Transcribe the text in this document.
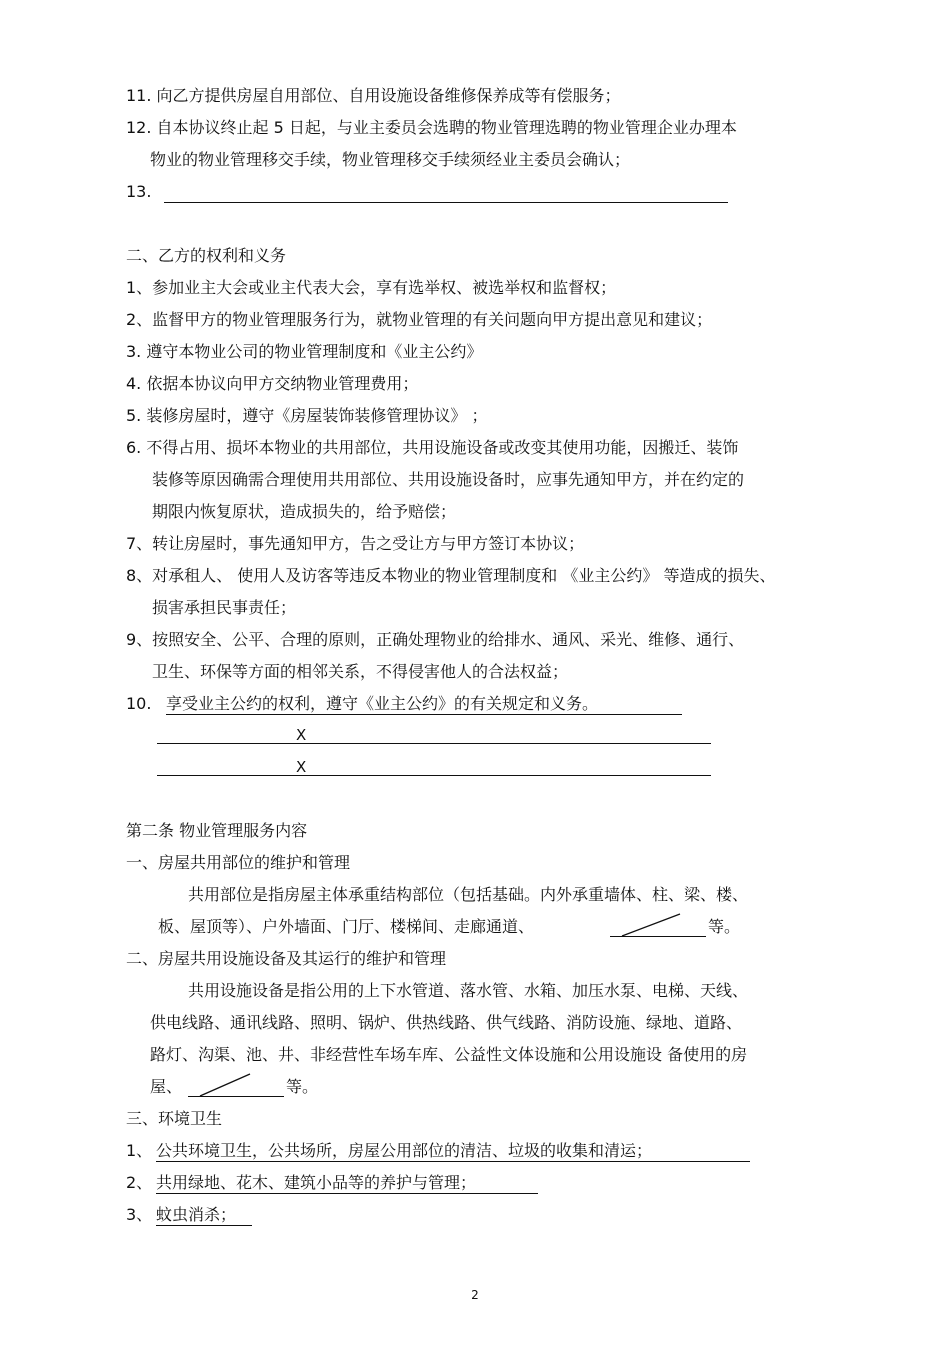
11. 向乙方提供房屋自用部位、自用设施设备维修保养成等有偿服务；
12. 自本协议终止起 5 日起，与业主委员会选聘的物业管理选聘的物业管理企业办理本
物业的物业管理移交手续，物业管理移交手续须经业主委员会确认；
13.
二、乙方的权利和义务
1、参加业主大会或业主代表大会，享有选举权、被选举权和监督权；
2、监督甲方的物业管理服务行为，就物业管理的有关问题向甲方提出意见和建议；
3. 遵守本物业公司的物业管理制度和《业主公约》
4. 依据本协议向甲方交纳物业管理费用；
5. 装修房屋时，遵守《房屋装饰装修管理协议》 ；
6. 不得占用、损坏本物业的共用部位，共用设施设备或改变其使用功能，因搬迁、装饰
装修等原因确需合理使用共用部位、共用设施设备时，应事先通知甲方，并在约定的
期限内恢复原状，造成损失的，给予赔偿；
7、转让房屋时，事先通知甲方，告之受让方与甲方签订本协议；
8、对承租人、 使用人及访客等违反本物业的物业管理制度和 《业主公约》 等造成的损失、
损害承担民事责任；
9、按照安全、公平、合理的原则，正确处理物业的给排水、通风、采光、维修、通行、
卫生、环保等方面的相邻关系，不得侵害他人的合法权益；
10. 享受业主公约的权利，遵守《业主公约》的有关规定和义务。
X
X
第二条 物业管理服务内容
一、房屋共用部位的维护和管理
共用部位是指房屋主体承重结构部位（包括基础。内外承重墙体、柱、梁、楼、
板、屋顶等）、户外墙面、门厅、楼梯间、走廊通道、	等。
二、房屋共用设施设备及其运行的维护和管理
共用设施设备是指公用的上下水管道、落水管、水箱、加压水泵、电梯、天线、
供电线路、通讯线路、照明、锅炉、供热线路、供气线路、消防设施、绿地、道路、
路灯、沟渠、池、井、非经营性车场车库、公益性文体设施和公用设施设 备使用的房
屋、	等。
三、环境卫生
1、 公共环境卫生，公共场所，房屋公用部位的清洁、垃圾的收集和清运；
2、 共用绿地、花木、建筑小品等的养护与管理；
3、 蚊虫消杀；
2
